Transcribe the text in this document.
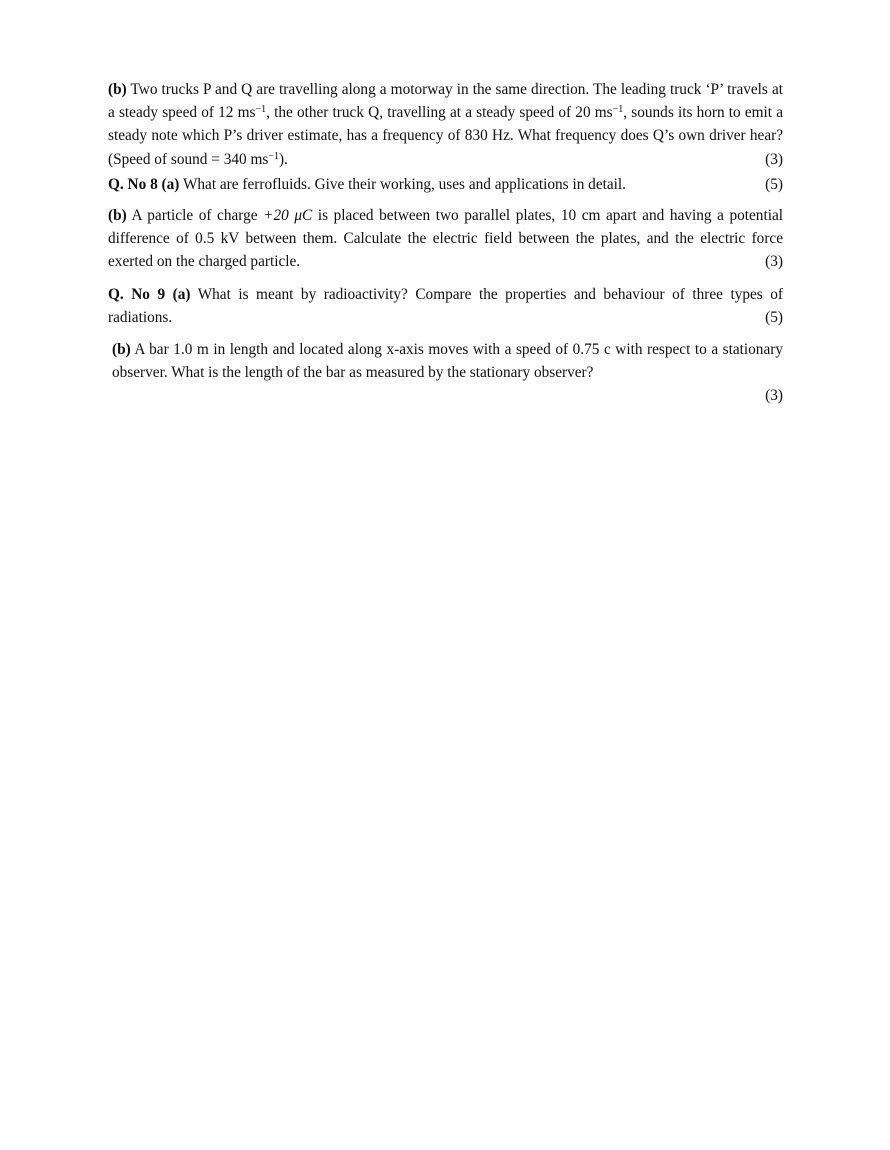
(b) Two trucks P and Q are travelling along a motorway in the same direction. The leading truck ‘P’ travels at a steady speed of 12 $ms^{-1}$, the other truck Q, travelling at a steady speed of 20 $ms^{-1}$, sounds its horn to emit a steady note which P’s driver estimate, has a frequency of 830 Hz. What frequency does Q’s own driver hear? (Speed of sound = 340 $ms^{-1}$).	(3)

Q. No 8 (a) What are ferrofluids. Give their working, uses and applications in detail.	(5)

(b) A particle of charge +20 μC is placed between two parallel plates, 10 cm apart and having a potential difference of 0.5 kV between them. Calculate the electric field between the plates, and the electric force exerted on the charged particle.	(3)

Q. No 9 (a) What is meant by radioactivity? Compare the properties and behaviour of three types of radiations.	(5)

(b) A bar 1.0 m in length and located along x-axis moves with a speed of 0.75 c with respect to a stationary observer. What is the length of the bar as measured by the stationary observer?
(3)
